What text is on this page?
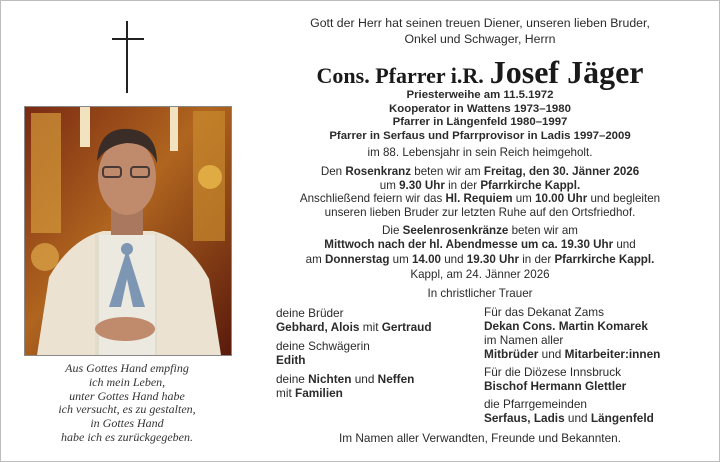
Aus Gottes Hand empfing
ich mein Leben,
unter Gottes Hand habe
ich versucht, es zu gestalten,
in Gottes Hand
habe ich es zurückgegeben.
Gott der Herr hat seinen treuen Diener, unseren lieben Bruder,
Onkel und Schwager, Herrn
Cons. Pfarrer i.R. Josef Jäger
Priesterweihe am 11.5.1972
Kooperator in Wattens 1973–1980
Pfarrer in Längenfeld 1980–1997
Pfarrer in Serfaus und Pfarrprovisor in Ladis 1997–2009
im 88. Lebensjahr in sein Reich heimgeholt.
Den Rosenkranz beten wir am Freitag, den 30. Jänner 2026
um 9.30 Uhr in der Pfarrkirche Kappl.
Anschließend feiern wir das Hl. Requiem um 10.00 Uhr und begleiten
unseren lieben Bruder zur letzten Ruhe auf den Ortsfriedhof.
Die Seelenrosenkränze beten wir am
Mittwoch nach der hl. Abendmesse um ca. 19.30 Uhr und
am Donnerstag um 14.00 und 19.30 Uhr in der Pfarrkirche Kappl.
Kappl, am 24. Jänner 2026
In christlicher Trauer
deine Brüder
Gebhard, Alois mit Gertraud
deine Schwägerin
Edith
deine Nichten und Neffen
mit Familien
Für das Dekanat Zams
Dekan Cons. Martin Komarek
im Namen aller
Mitbrüder und Mitarbeiter:innen
Für die Diözese Innsbruck
Bischof Hermann Glettler
die Pfarrgemeinden
Serfaus, Ladis und Längenfeld
Im Namen aller Verwandten, Freunde und Bekannten.
